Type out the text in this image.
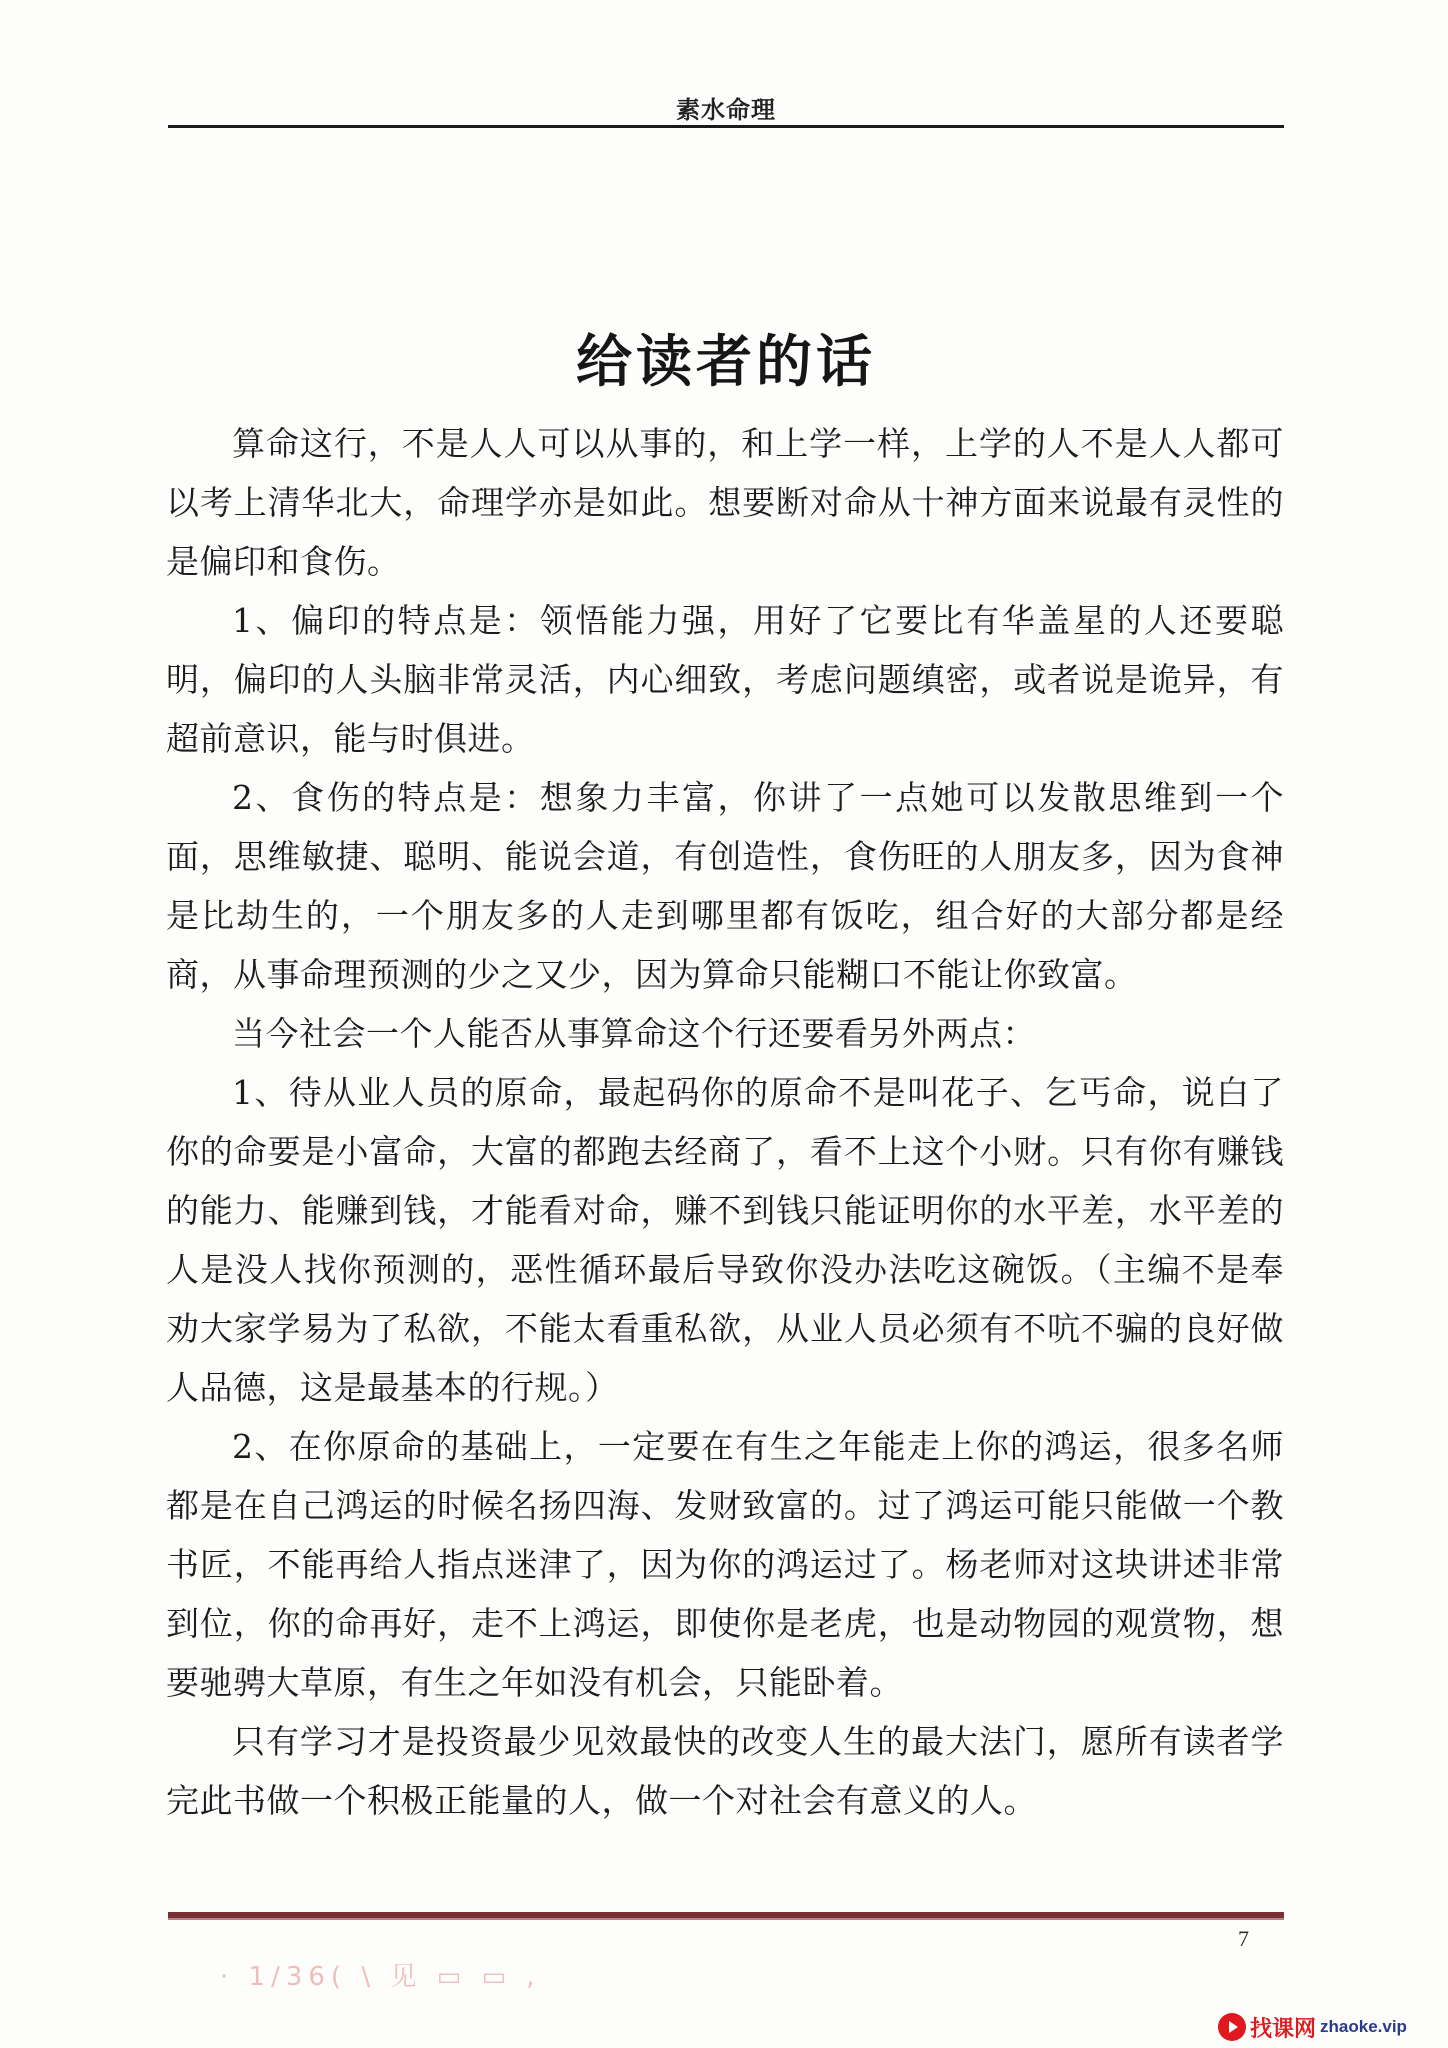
素水命理
给读者的话

算命这行，不是人人可以从事的，和上学一样，上学的人不是人人都可以考上清华北大，命理学亦是如此。想要断对命从十神方面来说最有灵性的是偏印和食伤。

1、偏印的特点是：领悟能力强，用好了它要比有华盖星的人还要聪明，偏印的人头脑非常灵活，内心细致，考虑问题缜密，或者说是诡异，有超前意识，能与时俱进。

2、食伤的特点是：想象力丰富，你讲了一点她可以发散思维到一个面，思维敏捷、聪明、能说会道，有创造性，食伤旺的人朋友多，因为食神是比劫生的，一个朋友多的人走到哪里都有饭吃，组合好的大部分都是经商，从事命理预测的少之又少，因为算命只能糊口不能让你致富。

当今社会一个人能否从事算命这个行还要看另外两点：

1、待从业人员的原命，最起码你的原命不是叫花子、乞丐命，说白了你的命要是小富命，大富的都跑去经商了，看不上这个小财。只有你有赚钱的能力、能赚到钱，才能看对命，赚不到钱只能证明你的水平差，水平差的人是没人找你预测的，恶性循环最后导致你没办法吃这碗饭。（主编不是奉劝大家学易为了私欲，不能太看重私欲，从业人员必须有不吭不骗的良好做人品德，这是最基本的行规。）

2、在你原命的基础上，一定要在有生之年能走上你的鸿运，很多名师都是在自己鸿运的时候名扬四海、发财致富的。过了鸿运可能只能做一个教书匠，不能再给人指点迷津了，因为你的鸿运过了。杨老师对这块讲述非常到位，你的命再好，走不上鸿运，即使你是老虎，也是动物园的观赏物，想要驰骋大草原，有生之年如没有机会，只能卧着。

只有学习才是投资最少见效最快的改变人生的最大法门，愿所有读者学完此书做一个积极正能量的人，做一个对社会有意义的人。

7
· 1/36( \ 见 ▭ ▭ ,
找课网 zhaoke.vip
